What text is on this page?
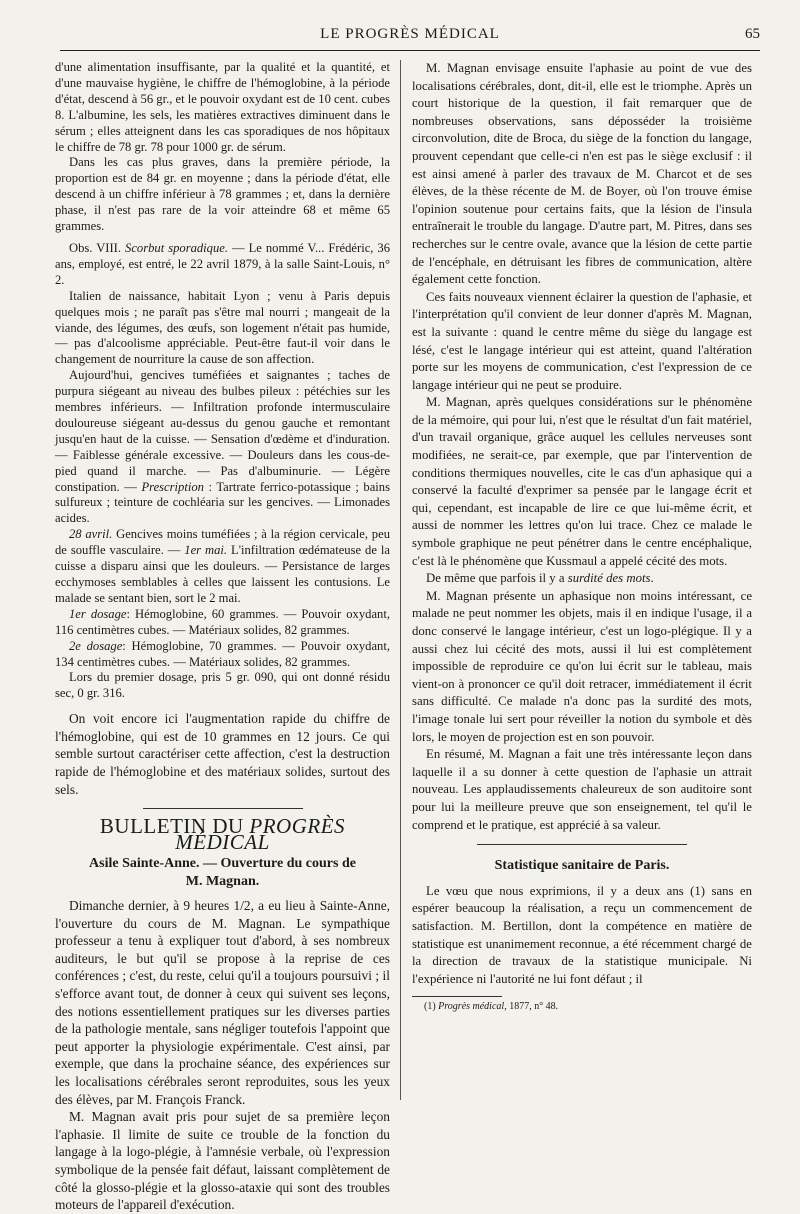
LE PROGRÈS MÉDICAL	65

d'une alimentation insuffisante, par la qualité et la quantité, et d'une mauvaise hygiène, le chiffre de l'hémoglobine, à la période d'état, descend à 56 gr., et le pouvoir oxydant est de 10 cent. cubes 8. L'albumine, les sels, les matières extractives diminuent dans le sérum ; elles atteignent dans les cas sporadiques de nos hôpitaux le chiffre de 78 gr. 78 pour 1000 gr. de sérum.

Dans les cas plus graves, dans la première période, la proportion est de 84 gr. en moyenne ; dans la période d'état, elle descend à un chiffre inférieur à 78 grammes ; et, dans la dernière phase, il n'est pas rare de la voir atteindre 68 et même 65 grammes.

Obs. VIII. Scorbut sporadique. — Le nommé V... Frédéric, 36 ans, employé, est entré, le 22 avril 1879, à la salle Saint-Louis, n° 2.

Italien de naissance, habitait Lyon ; venu à Paris depuis quelques mois ; ne paraît pas s'être mal nourri ; mangeait de la viande, des légumes, des œufs, son logement n'était pas humide, — pas d'alcoolisme appréciable. Peut-être faut-il voir dans le changement de nourriture la cause de son affection.

Aujourd'hui, gencives tuméfiées et saignantes ; taches de purpura siégeant au niveau des bulbes pileux : pétéchies sur les membres inférieurs. — Infiltration profonde intermusculaire douloureuse siégeant au-dessus du genou gauche et remontant jusqu'en haut de la cuisse. — Sensation d'œdème et d'induration. — Faiblesse générale excessive. — Douleurs dans les cous-de-pied quand il marche. — Pas d'albuminurie. — Légère constipation. — Prescription : Tartrate ferrico-potassique ; bains sulfureux ; teinture de cochléaria sur les gencives. — Limonades acides.

28 avril. Gencives moins tuméfiées ; à la région cervicale, peu de souffle vasculaire. — 1er mai. L'infiltration œdémateuse de la cuisse a disparu ainsi que les douleurs. — Persistance de larges ecchymoses semblables à celles que laissent les contusions. Le malade se sentant bien, sort le 2 mai.

1er dosage: Hémoglobine, 60 grammes. — Pouvoir oxydant, 116 centimètres cubes. — Matériaux solides, 82 grammes.

2e dosage: Hémoglobine, 70 grammes. — Pouvoir oxydant, 134 centimètres cubes. — Matériaux solides, 82 grammes.

Lors du premier dosage, pris 5 gr. 090, qui ont donné résidu sec, 0 gr. 316.

On voit encore ici l'augmentation rapide du chiffre de l'hémoglobine, qui est de 10 grammes en 12 jours. Ce qui semble surtout caractériser cette affection, c'est la destruction rapide de l'hémoglobine et des matériaux solides, surtout des sels.

BULLETIN DU PROGRÈS MÉDICAL
Asile Sainte-Anne. — Ouverture du cours de
M. Magnan.

Dimanche dernier, à 9 heures 1/2, a eu lieu à Sainte-Anne, l'ouverture du cours de M. Magnan. Le sympathique professeur a tenu à expliquer tout d'abord, à ses nombreux auditeurs, le but qu'il se propose à la reprise de ces conférences ; c'est, du reste, celui qu'il a toujours poursuivi ; il s'efforce avant tout, de donner à ceux qui suivent ses leçons, des notions essentiellement pratiques sur les diverses parties de la pathologie mentale, sans négliger toutefois l'appoint que peut apporter la physiologie expérimentale. C'est ainsi, par exemple, que dans la prochaine séance, des expériences sur les localisations cérébrales seront reproduites, sous les yeux des élèves, par M. François Franck.

M. Magnan avait pris pour sujet de sa première leçon l'aphasie. Il limite de suite ce trouble de la fonction du langage à la logo-plégie, à l'amnésie verbale, où l'expression symbolique de la pensée fait défaut, laissant complètement de côté la glosso-plégie et la glosso-ataxie qui sont des troubles moteurs de l'appareil d'exécution.

M. Magnan envisage ensuite l'aphasie au point de vue des localisations cérébrales, dont, dit-il, elle est le triomphe. Après un court historique de la question, il fait remarquer que de nombreuses observations, sans déposséder la troisième circonvolution, dite de Broca, du siège de la fonction du langage, prouvent cependant que celle-ci n'en est pas le siège exclusif : il est ainsi amené à parler des travaux de M. Charcot et de ses élèves, de la thèse récente de M. de Boyer, où l'on trouve émise l'opinion soutenue pour certains faits, que la lésion de l'insula entraînerait le trouble du langage. D'autre part, M. Pitres, dans ses recherches sur le centre ovale, avance que la lésion de cette partie de l'encéphale, en détruisant les fibres de communication, altère également cette fonction.

Ces faits nouveaux viennent éclairer la question de l'aphasie, et l'interprétation qu'il convient de leur donner d'après M. Magnan, est la suivante : quand le centre même du siège du langage est lésé, c'est le langage intérieur qui est atteint, quand l'altération porte sur les moyens de communication, c'est l'expression de ce langage intérieur qui ne peut se produire.

M. Magnan, après quelques considérations sur le phénomène de la mémoire, qui pour lui, n'est que le résultat d'un fait matériel, d'un travail organique, grâce auquel les cellules nerveuses sont modifiées, ne serait-ce, par exemple, que par l'intervention de conditions thermiques nouvelles, cite le cas d'un aphasique qui a conservé la faculté d'exprimer sa pensée par le langage écrit et qui, cependant, est incapable de lire ce que lui-même écrit, et aussi de nommer les lettres qu'on lui trace. Chez ce malade le symbole graphique ne peut pénétrer dans le centre encéphalique, c'est là le phénomène que Kussmaul a appelé cécité des mots.

De même que parfois il y a surdité des mots.

M. Magnan présente un aphasique non moins intéressant, ce malade ne peut nommer les objets, mais il en indique l'usage, il a donc conservé le langage intérieur, c'est un logo-plégique. Il y a aussi chez lui cécité des mots, aussi il lui est complètement impossible de reproduire ce qu'on lui écrit sur le tableau, mais vient-on à prononcer ce qu'il doit retracer, immédiatement il écrit sans difficulté. Ce malade n'a donc pas la surdité des mots, l'image tonale lui sert pour réveiller la notion du symbole et dès lors, le moyen de projection est en son pouvoir.

En résumé, M. Magnan a fait une très intéressante leçon dans laquelle il a su donner à cette question de l'aphasie un attrait nouveau. Les applaudissements chaleureux de son auditoire sont pour lui la meilleure preuve que son enseignement, tel qu'il le comprend et le pratique, est apprécié à sa valeur.

Statistique sanitaire de Paris.

Le vœu que nous exprimions, il y a deux ans (1) sans en espérer beaucoup la réalisation, a reçu un commencement de satisfaction. M. Bertillon, dont la compétence en matière de statistique est unanimement reconnue, a été récemment chargé de la direction de travaux de la statistique municipale. Ni l'expérience ni l'autorité ne lui font défaut ; il

(1) Progrès médical, 1877, n° 48.
